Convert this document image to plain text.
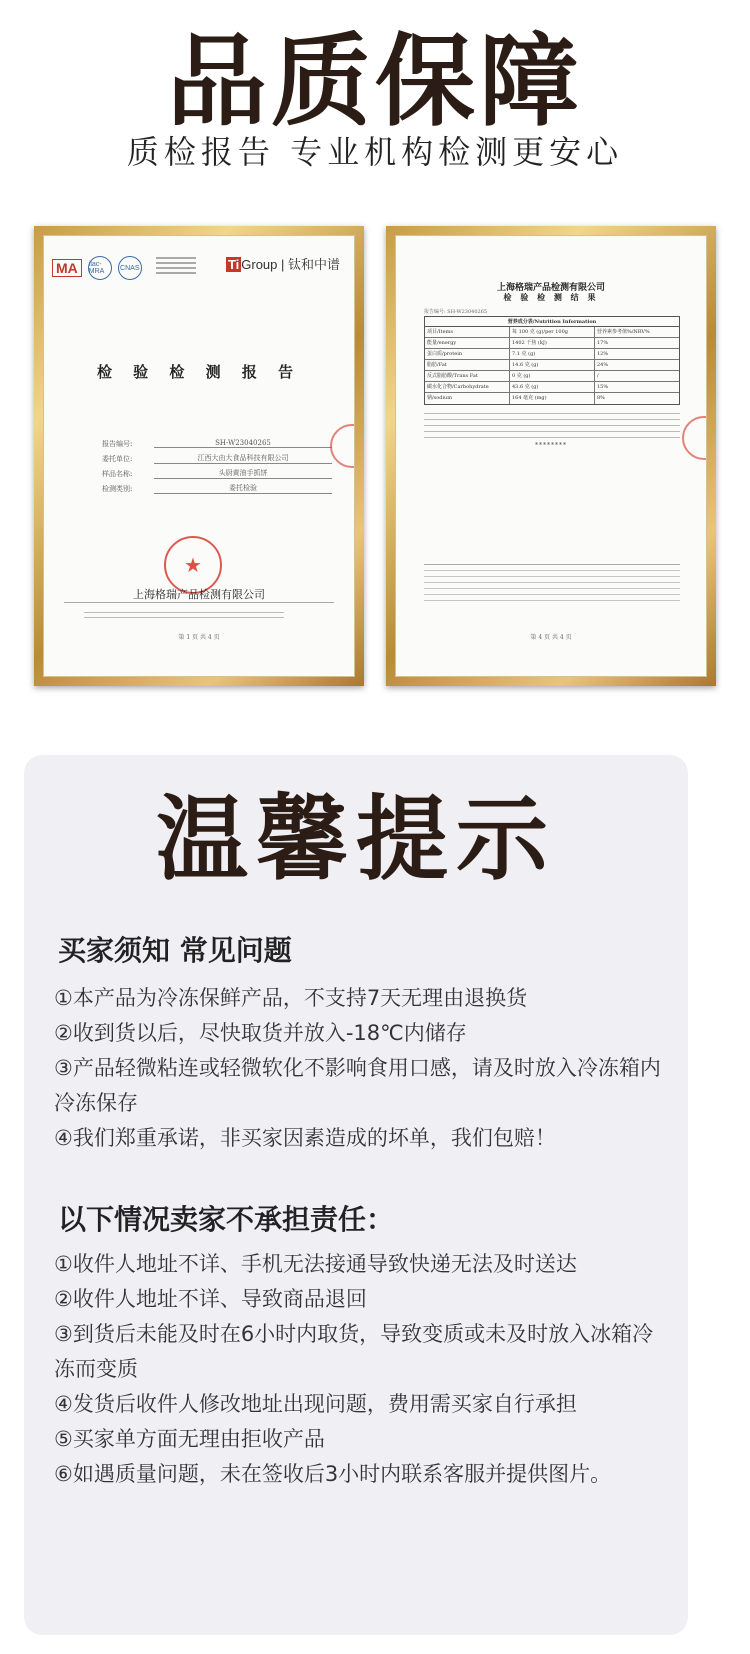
品质保障
质检报告 专业机构检测更安心
MA	ilac-MRA	CNAS	Ti Group | 钛和中谱
检 验 检 测 报 告
报告编号:	SH-W23040265
委托单位:	江西大由大食品科技有限公司
样品名称:	头厨黄油手抓饼
检测类别:	委托检验
★
上海格瑞产品检测有限公司
第 1 页 共 4 页
上海格瑞产品检测有限公司
检 验 检 测 结 果
报告编号: SH-W23040265
营养成分表/Nutrition Information
项目/Items	每 100 克 (g)/per 100g	营养素参考值%/NRV%
能量/energy	1402 千焦 (kJ)	17%
蛋白质/protein	7.1 克 (g)	12%
脂肪/Fat	14.6 克 (g)	24%
反式脂肪酸/Trans Fat	0 克 (g)	/
碳水化合物/Carbohydrate	43.6 克 (g)	15%
钠/sodium	164 毫克 (mg)	8%
********
第 4 页 共 4 页
温馨提示
买家须知 常见问题
①本产品为冷冻保鲜产品，不支持7天无理由退换货
②收到货以后，尽快取货并放入-18℃内储存
③产品轻微粘连或轻微软化不影响食用口感，请及时放入冷冻箱内冷冻保存
④我们郑重承诺，非买家因素造成的坏单，我们包赔！
以下情况卖家不承担责任：
①收件人地址不详、手机无法接通导致快递无法及时送达
②收件人地址不详、导致商品退回
③到货后未能及时在6小时内取货，导致变质或未及时放入冰箱冷冻而变质
④发货后收件人修改地址出现问题，费用需买家自行承担
⑤买家单方面无理由拒收产品
⑥如遇质量问题，未在签收后3小时内联系客服并提供图片。
